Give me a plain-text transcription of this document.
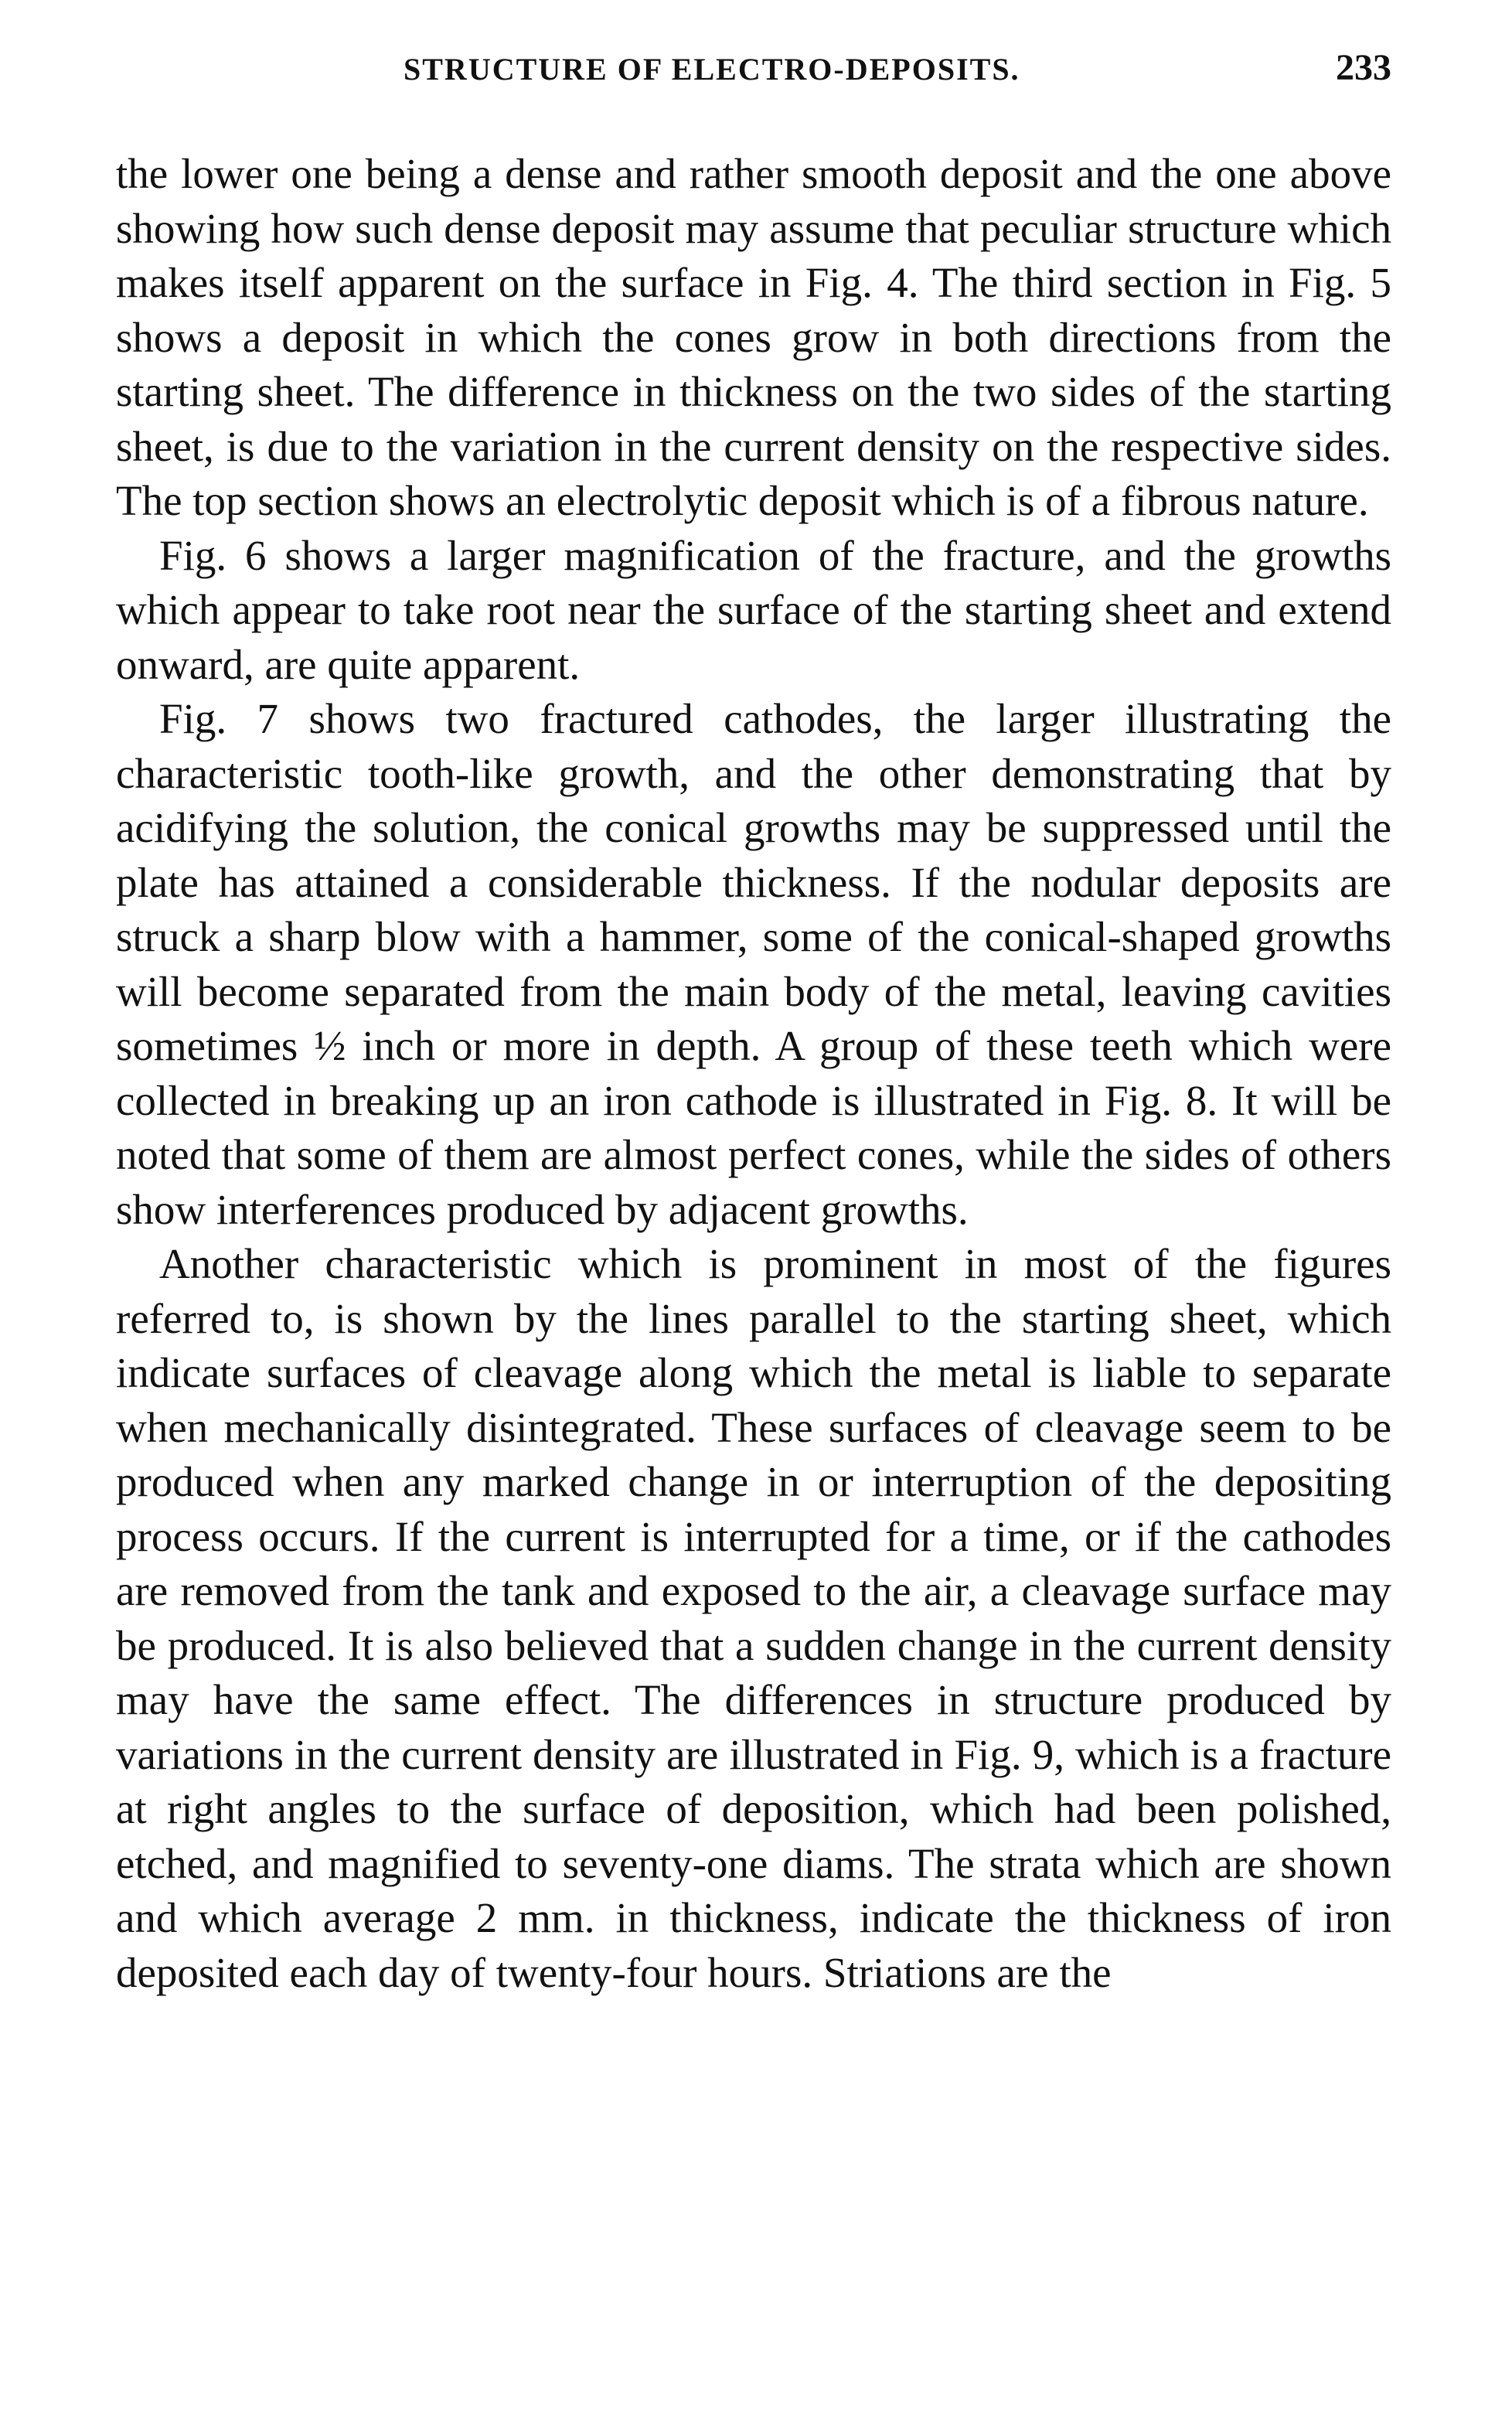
STRUCTURE OF ELECTRO-DEPOSITS.	233

the lower one being a dense and rather smooth deposit and the one above showing how such dense deposit may assume that peculiar structure which makes itself apparent on the surface in Fig. 4. The third section in Fig. 5 shows a deposit in which the cones grow in both directions from the starting sheet. The difference in thickness on the two sides of the starting sheet, is due to the variation in the current density on the respective sides. The top section shows an electrolytic deposit which is of a fibrous nature.

Fig. 6 shows a larger magnification of the fracture, and the growths which appear to take root near the surface of the starting sheet and extend onward, are quite apparent.

Fig. 7 shows two fractured cathodes, the larger illustrating the characteristic tooth-like growth, and the other demonstrating that by acidifying the solution, the conical growths may be suppressed until the plate has attained a considerable thickness. If the nodular deposits are struck a sharp blow with a hammer, some of the conical-shaped growths will become separated from the main body of the metal, leaving cavities sometimes ½ inch or more in depth. A group of these teeth which were collected in breaking up an iron cathode is illustrated in Fig. 8. It will be noted that some of them are almost perfect cones, while the sides of others show interferences produced by adjacent growths.

Another characteristic which is prominent in most of the figures referred to, is shown by the lines parallel to the starting sheet, which indicate surfaces of cleavage along which the metal is liable to separate when mechanically disintegrated. These surfaces of cleavage seem to be produced when any marked change in or interruption of the depositing process occurs. If the current is interrupted for a time, or if the cathodes are removed from the tank and exposed to the air, a cleavage surface may be produced. It is also believed that a sudden change in the current density may have the same effect. The differences in structure produced by variations in the current density are illustrated in Fig. 9, which is a fracture at right angles to the surface of deposition, which had been polished, etched, and magnified to seventy-one diams. The strata which are shown and which average 2 mm. in thickness, indicate the thickness of iron deposited each day of twenty-four hours. Striations are the
